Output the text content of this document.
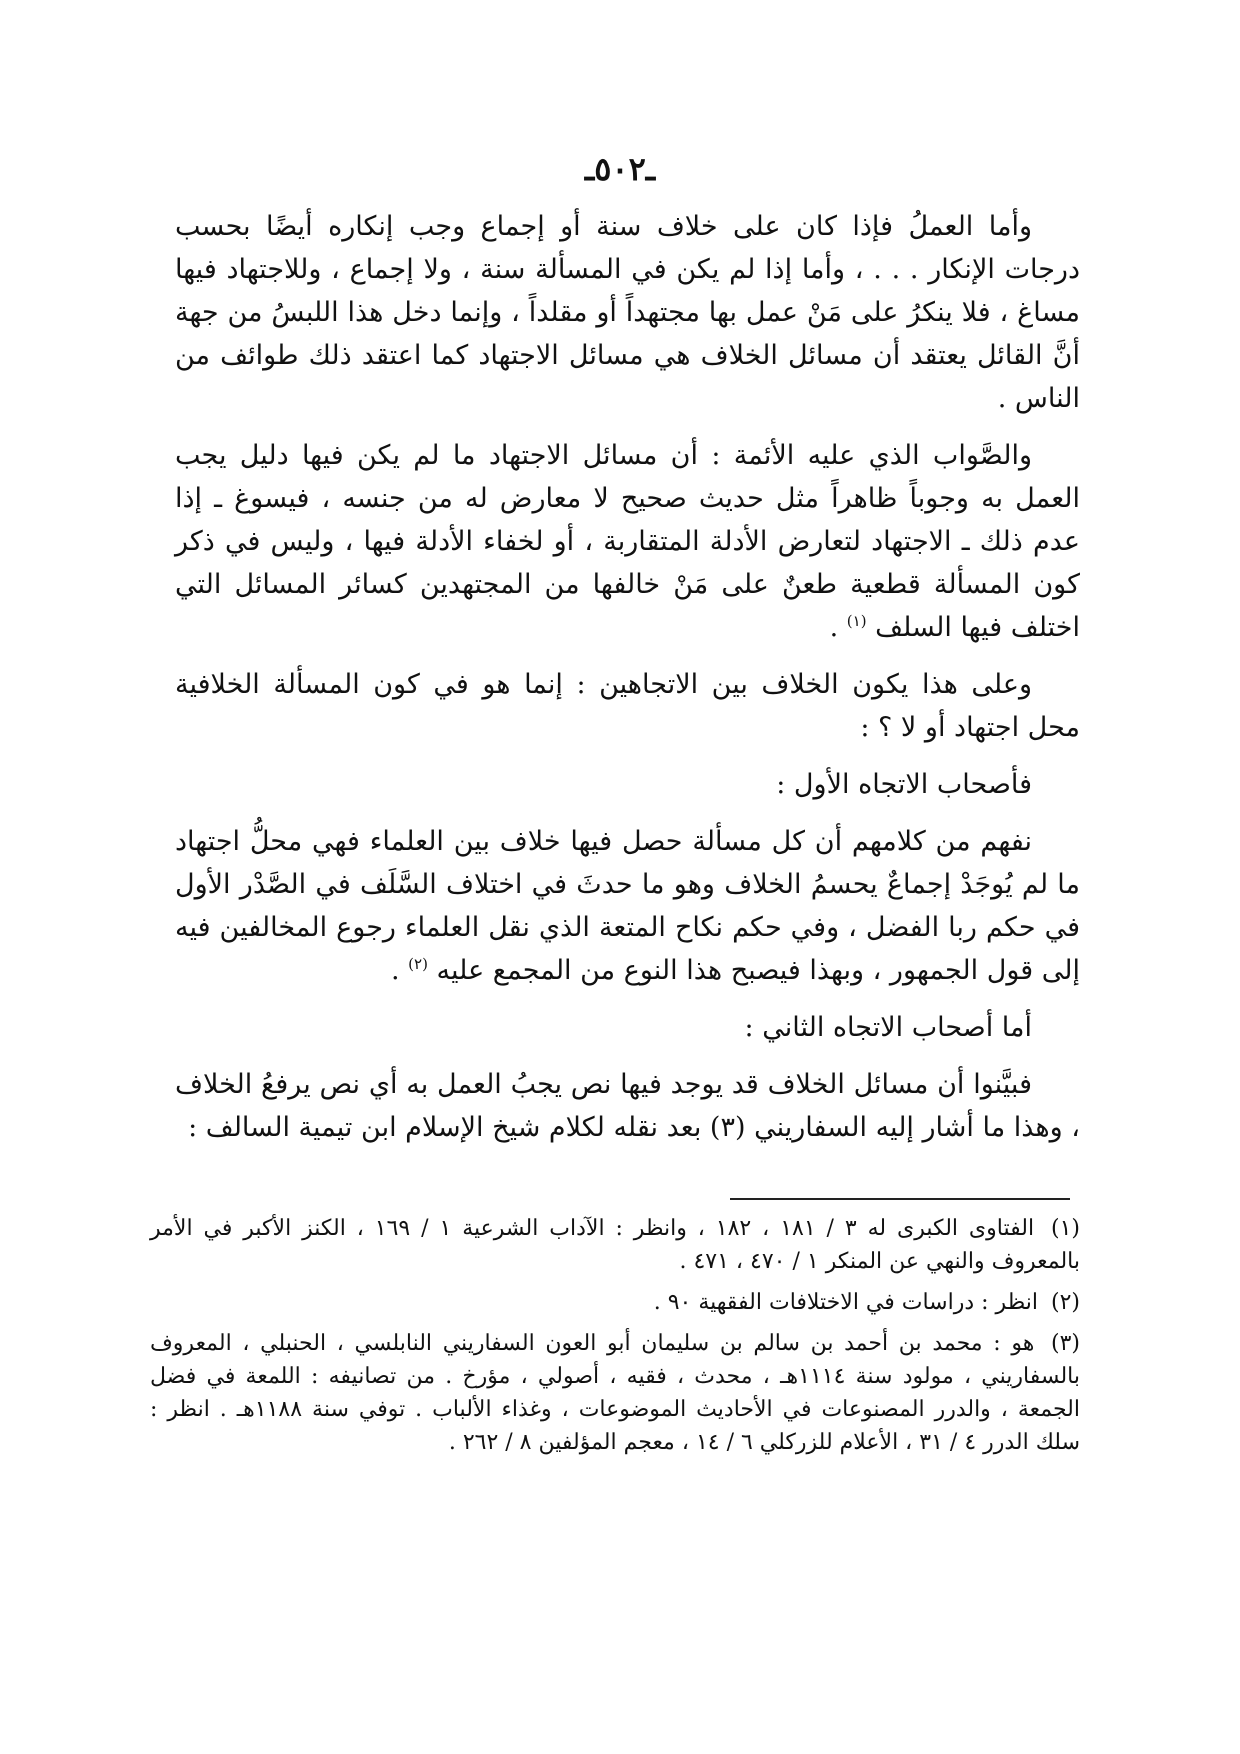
ـ٥٠٢ـ

وأما العملُ فإذا كان على خلاف سنة أو إجماع وجب إنكاره أيضًا بحسب درجات الإنكار . . . ، وأما إذا لم يكن في المسألة سنة ، ولا إجماع ، وللاجتهاد فيها مساغ ، فلا ينكرُ على مَنْ عمل بها مجتهداً أو مقلداً ، وإنما دخل هذا اللبسُ من جهة أنَّ القائل يعتقد أن مسائل الخلاف هي مسائل الاجتهاد كما اعتقد ذلك طوائف من الناس .

والصَّواب الذي عليه الأئمة : أن مسائل الاجتهاد ما لم يكن فيها دليل يجب العمل به وجوباً ظاهراً مثل حديث صحيح لا معارض له من جنسه ، فيسوغ ـ إذا عدم ذلك ـ الاجتهاد لتعارض الأدلة المتقاربة ، أو لخفاء الأدلة فيها ، وليس في ذكر كون المسألة قطعية طعنٌ على مَنْ خالفها من المجتهدين كسائر المسائل التي اختلف فيها السلف $^{(١)}$ .

وعلى هذا يكون الخلاف بين الاتجاهين : إنما هو في كون المسألة الخلافية محل اجتهاد أو لا ؟ :

فأصحاب الاتجاه الأول :

نفهم من كلامهم أن كل مسألة حصل فيها خلاف بين العلماء فهي محلُّ اجتهاد ما لم يُوجَدْ إجماعٌ يحسمُ الخلاف وهو ما حدثَ في اختلاف السَّلَف في الصَّدْر الأول في حكم ربا الفضل ، وفي حكم نكاح المتعة الذي نقل العلماء رجوع المخالفين فيه إلى قول الجمهور ، وبهذا فيصبح هذا النوع من المجمع عليه $^{(٢)}$ .

أما أصحاب الاتجاه الثاني :

فبيَّنوا أن مسائل الخلاف قد يوجد فيها نص يجبُ العمل به أي نص يرفعُ الخلاف ، وهذا ما أشار إليه السفاريني (٣) بعد نقله لكلام شيخ الإسلام ابن تيمية السالف :

(١) الفتاوى الكبرى له ٣ / ١٨١ ، ١٨٢ ، وانظر : الآداب الشرعية ١ / ١٦٩ ، الكنز الأكبر في الأمر بالمعروف والنهي عن المنكر ١ / ٤٧٠ ، ٤٧١ .
(٢) انظر : دراسات في الاختلافات الفقهية ٩٠ .
(٣) هو : محمد بن أحمد بن سالم بن سليمان أبو العون السفاريني النابلسي ، الحنبلي ، المعروف بالسفاريني ، مولود سنة ١١١٤هـ ، محدث ، فقيه ، أصولي ، مؤرخ . من تصانيفه : اللمعة في فضل الجمعة ، والدرر المصنوعات في الأحاديث الموضوعات ، وغذاء الألباب . توفي سنة ١١٨٨هـ . انظر : سلك الدرر ٤ / ٣١ ، الأعلام للزركلي ٦ / ١٤ ، معجم المؤلفين ٨ / ٢٦٢ .
